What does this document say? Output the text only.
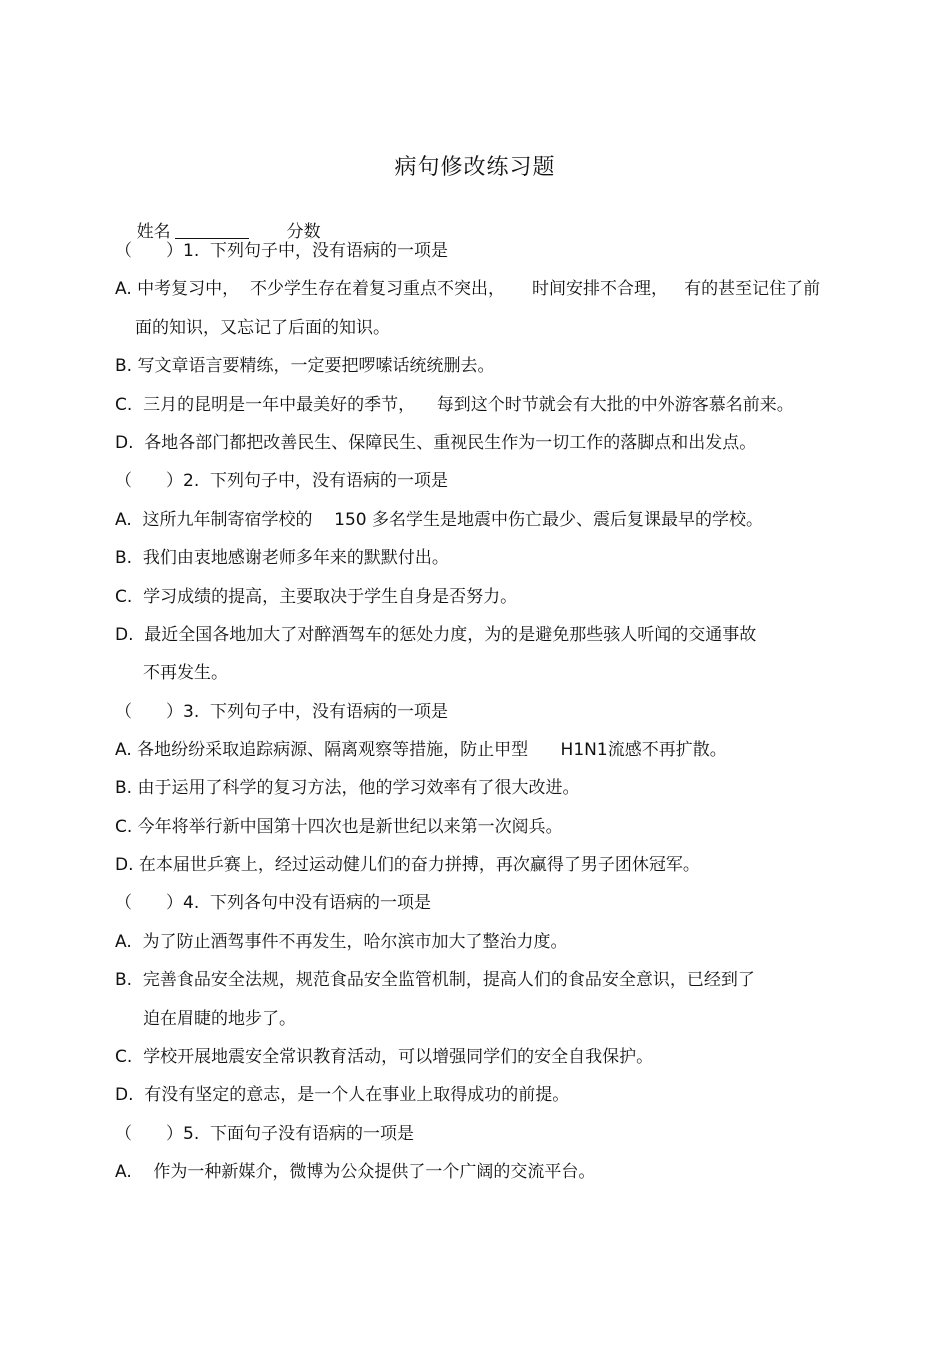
病句修改练习题

姓名	分数

（　　）1.  下列句子中，没有语病的一项是
A. 中考复习中，  不少学生存在着复习重点不突出，     时间安排不合理，   有的甚至记住了前
面的知识，又忘记了后面的知识。
B. 写文章语言要精练，一定要把啰嗦话统统删去。
C.  三月的昆明是一年中最美好的季节，    每到这个时节就会有大批的中外游客慕名前来。
D.  各地各部门都把改善民生、保障民生、重视民生作为一切工作的落脚点和出发点。
（　　）2.  下列句子中，没有语病的一项是
A.  这所九年制寄宿学校的    150 多名学生是地震中伤亡最少、震后复课最早的学校。
B.  我们由衷地感谢老师多年来的默默付出。
C.  学习成绩的提高，主要取决于学生自身是否努力。
D.  最近全国各地加大了对醉酒驾车的惩处力度，为的是避免那些骇人听闻的交通事故
不再发生。
（　　）3.  下列句子中，没有语病的一项是
A. 各地纷纷采取追踪病源、隔离观察等措施，防止甲型      H1N1流感不再扩散。
B. 由于运用了科学的复习方法，他的学习效率有了很大改进。
C. 今年将举行新中国第十四次也是新世纪以来第一次阅兵。
D. 在本届世乒赛上，经过运动健儿们的奋力拼搏，再次赢得了男子团休冠军。
（　　）4.  下列各句中没有语病的一项是
A.  为了防止酒驾事件不再发生，哈尔滨市加大了整治力度。
B.  完善食品安全法规，规范食品安全监管机制，提高人们的食品安全意识，已经到了
迫在眉睫的地步了。
C.  学校开展地震安全常识教育活动，可以增强同学们的安全自我保护。
D.  有没有坚定的意志，是一个人在事业上取得成功的前提。
（　　）5.  下面句子没有语病的一项是
A.    作为一种新媒介，微博为公众提供了一个广阔的交流平台。
